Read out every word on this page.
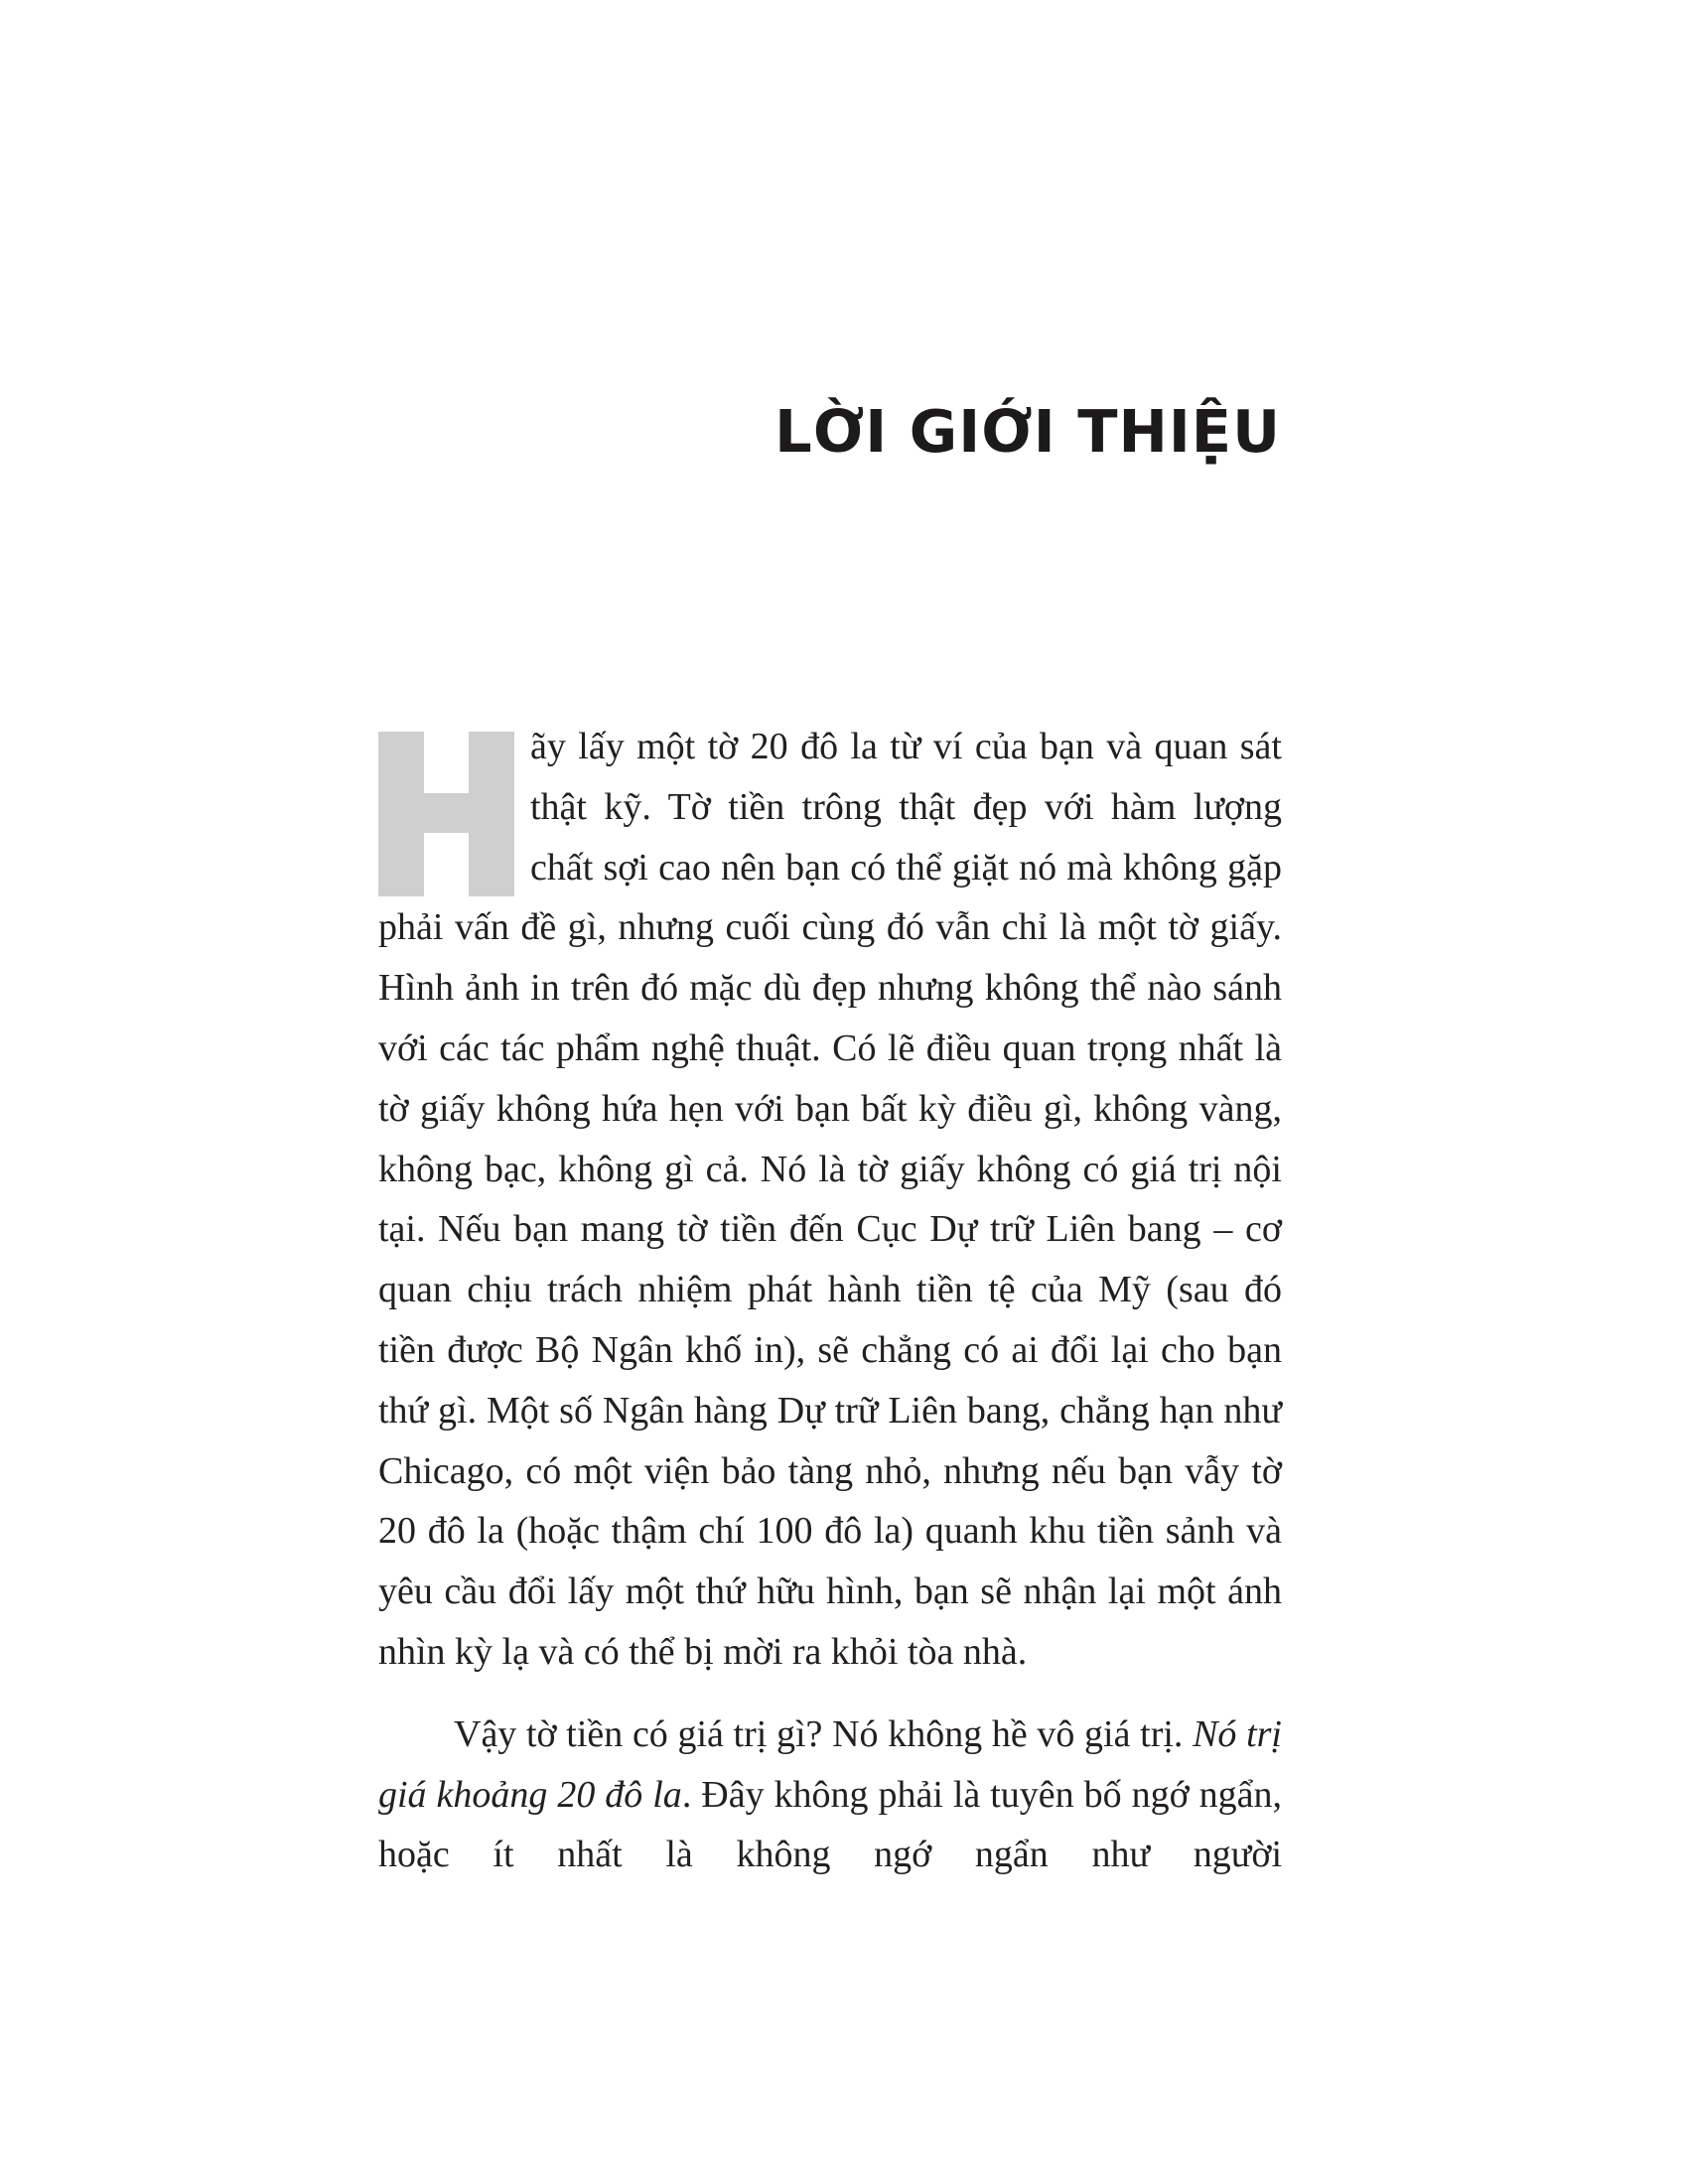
LỜI GIỚI THIỆU

ãy lấy một tờ 20 đô la từ ví của bạn và quan sát thật kỹ. Tờ tiền trông thật đẹp với hàm lượng chất sợi cao nên bạn có thể giặt nó mà không gặp phải vấn đề gì, nhưng cuối cùng đó vẫn chỉ là một tờ giấy. Hình ảnh in trên đó mặc dù đẹp nhưng không thể nào sánh với các tác phẩm nghệ thuật. Có lẽ điều quan trọng nhất là tờ giấy không hứa hẹn với bạn bất kỳ điều gì, không vàng, không bạc, không gì cả. Nó là tờ giấy không có giá trị nội tại. Nếu bạn mang tờ tiền đến Cục Dự trữ Liên bang – cơ quan chịu trách nhiệm phát hành tiền tệ của Mỹ (sau đó tiền được Bộ Ngân khố in), sẽ chẳng có ai đổi lại cho bạn thứ gì. Một số Ngân hàng Dự trữ Liên bang, chẳng hạn như Chicago, có một viện bảo tàng nhỏ, nhưng nếu bạn vẫy tờ 20 đô la (hoặc thậm chí 100 đô la) quanh khu tiền sảnh và yêu cầu đổi lấy một thứ hữu hình, bạn sẽ nhận lại một ánh nhìn kỳ lạ và có thể bị mời ra khỏi tòa nhà.

Vậy tờ tiền có giá trị gì? Nó không hề vô giá trị. Nó trị giá khoảng 20 đô la. Đây không phải là tuyên bố ngớ ngẩn, hoặc ít nhất là không ngớ ngẩn như người
